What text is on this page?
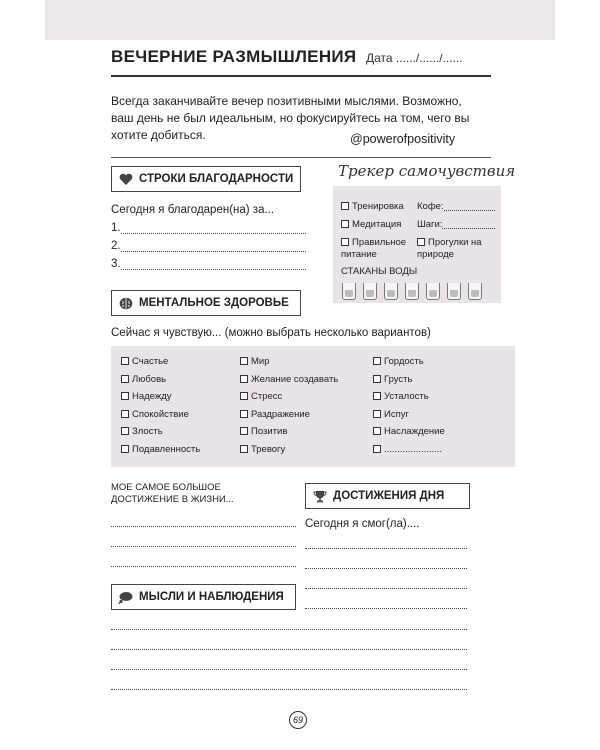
ВЕЧЕРНИЕ РАЗМЫШЛЕНИЯ Дата ....../....../......
Всегда заканчивайте вечер позитивными мыслями. Возможно, ваш день не был идеальным, но фокусируйтесь на том, чего вы хотите добиться.	@powerofpositivity
СТРОКИ БЛАГОДАРНОСТИ
Сегодня я благодарен(на) за...
1.
2.
3.
Трекер самочувствия
Тренировка Кофе:
Медитация Шаги:
Правильное питание
Прогулки на природе
СТАКАНЫ ВОДЫ
МЕНТАЛЬНОЕ ЗДОРОВЬЕ
Сейчас я чувствую... (можно выбрать несколько вариантов)
Счастье
Любовь
Надежду
Спокойствие
Злость
Подавленность
Мир
Желание создавать
Стресс
Раздражение
Позитив
Тревогу
Гордость
Грусть
Усталость
Испуг
Наслаждение
......................
МОЕ САМОЕ БОЛЬШОЕ ДОСТИЖЕНИЕ В ЖИЗНИ...	ДОСТИЖЕНИЯ ДНЯ
Сегодня я смог(ла)....
МЫСЛИ И НАБЛЮДЕНИЯ
69
